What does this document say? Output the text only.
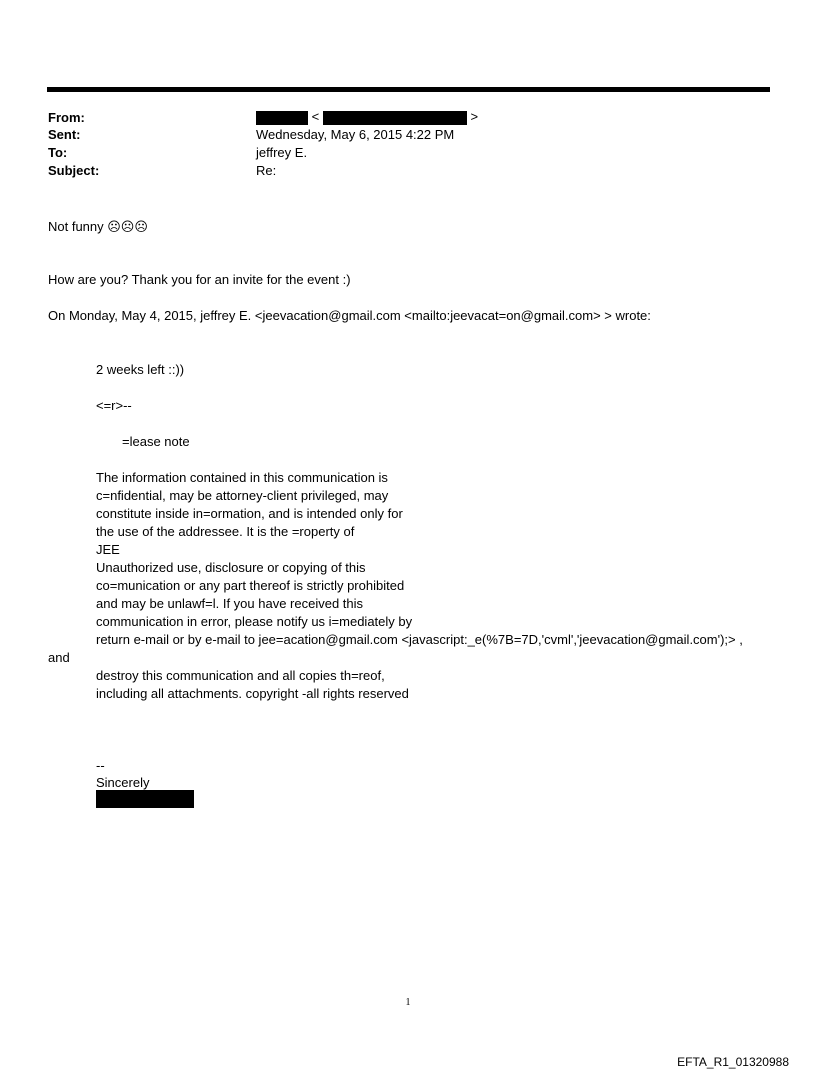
From:
Sent:
To:
Subject:
<	>
Wednesday, May 6, 2015 4:22 PM
jeffrey E.
Re:
Not funny ☹☹☹
How are you? Thank you for an invite for the event :)
On Monday, May 4, 2015, jeffrey E. <jeevacation@gmail.com <mailto:jeevacat=on@gmail.com> > wrote:
2 weeks left ::))
<=r>--
=lease note
The information contained in this communication is
c=nfidential, may be attorney-client privileged, may
constitute inside in=ormation, and is intended only for
the use of the addressee. It is the =roperty of
JEE
Unauthorized use, disclosure or copying of this
co=munication or any part thereof is strictly prohibited
and may be unlawf=l. If you have received this
communication in error, please notify us i=mediately by
return e-mail or by e-mail to jee=acation@gmail.com <javascript:_e(%7B=7D,'cvml','jeevacation@gmail.com');> ,
and
destroy this communication and all copies th=reof,
including all attachments. copyright -all rights reserved
--
Sincerely
1
EFTA_R1_01320988
